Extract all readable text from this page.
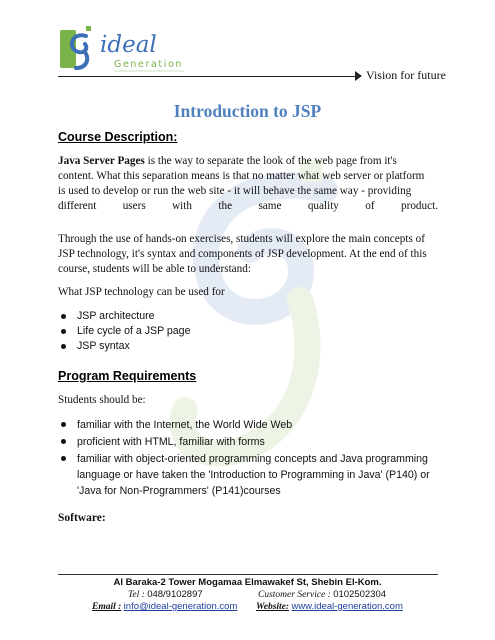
ideal
Generation
Vision for future
Introduction to JSP
Course Description:
Java Server Pages is the way to separate the look of the web page from it's
content. What this separation means is that no matter what web server or platform
is used to develop or run the web site - it will behave the same way - providing
different users with the same quality of product.
Through the use of hands-on exercises, students will explore the main concepts of
JSP technology, it's syntax and components of JSP development. At the end of this
course, students will be able to understand:
What JSP technology can be used for
JSP architecture
Life cycle of a JSP page
JSP syntax
Program Requirements
Students should be:
familiar with the Internet, the World Wide Web
proficient with HTML, familiar with forms
familiar with object-oriented programming concepts and Java programming
language or have taken the 'Introduction to Programming in Java' (P140) or
'Java for Non-Programmers' (P141)courses
Software:
Al Baraka-2 Tower Mogamaa Elmawakef St, Shebin El-Kom.
Tel : 048/9102897	Customer Service : 0102502304
Email : info@ideal-generation.com Website: www.ideal-generation.com
